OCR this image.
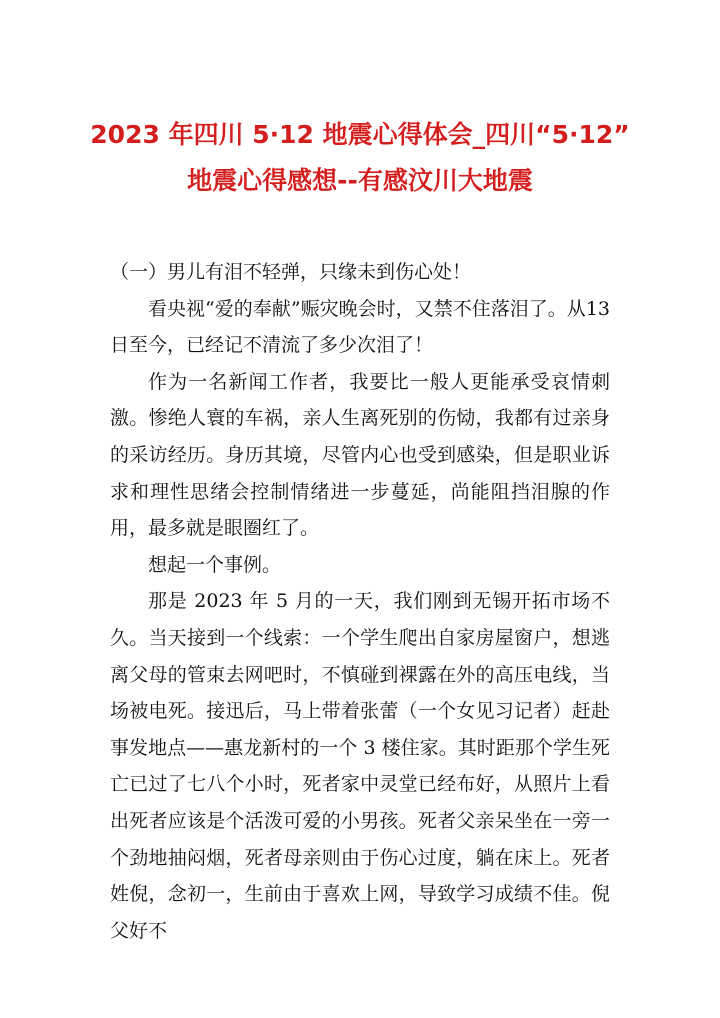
2023 年四川 5·12 地震心得体会_四川“5·12”
地震心得感想--有感汶川大地震

（一）男儿有泪不轻弹，只缘未到伤心处！

看央视“爱的奉献”赈灾晚会时，又禁不住落泪了。从13 日至今，已经记不清流了多少次泪了！

作为一名新闻工作者，我要比一般人更能承受哀情刺激。惨绝人寰的车祸，亲人生离死别的伤恸，我都有过亲身的采访经历。身历其境，尽管内心也受到感染，但是职业诉求和理性思绪会控制情绪进一步蔓延，尚能阻挡泪腺的作用，最多就是眼圈红了。

想起一个事例。

那是 2023 年 5 月的一天，我们刚到无锡开拓市场不久。当天接到一个线索：一个学生爬出自家房屋窗户，想逃离父母的管束去网吧时，不慎碰到裸露在外的高压电线，当场被电死。接迅后，马上带着张蕾（一个女见习记者）赶赴事发地点——惠龙新村的一个 3 楼住家。其时距那个学生死亡已过了七八个小时，死者家中灵堂已经布好，从照片上看出死者应该是个活泼可爱的小男孩。死者父亲呆坐在一旁一个劲地抽闷烟，死者母亲则由于伤心过度，躺在床上。死者姓倪，念初一，生前由于喜欢上网，导致学习成绩不佳。倪父好不
